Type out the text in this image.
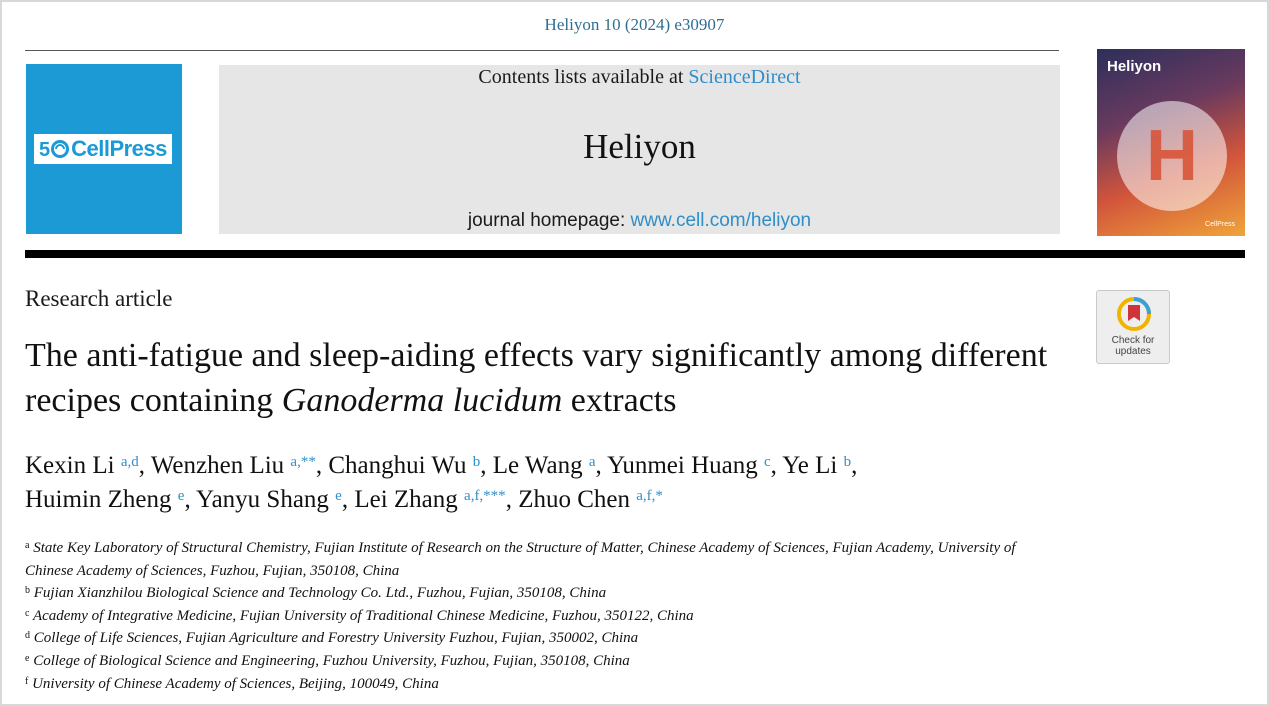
Heliyon 10 (2024) e30907
5 CellPress
Contents lists available at ScienceDirect
Heliyon
journal homepage: www.cell.com/heliyon
Heliyon
H
CellPress
Research article
Check for updates
The anti-fatigue and sleep-aiding effects vary significantly among different recipes containing Ganoderma lucidum extracts
Kexin Li $^{a,d}$, Wenzhen Liu $^{a,**}$, Changhui Wu $^b$, Le Wang $^a$, Yunmei Huang $^c$, Ye Li $^b$,
Huimin Zheng $^e$, Yanyu Shang $^e$, Lei Zhang $^{a,f,***}$, Zhuo Chen $^{a,f,*}$
$^a$ State Key Laboratory of Structural Chemistry, Fujian Institute of Research on the Structure of Matter, Chinese Academy of Sciences, Fujian Academy, University of Chinese Academy of Sciences, Fuzhou, Fujian, 350108, China
$^b$ Fujian Xianzhilou Biological Science and Technology Co. Ltd., Fuzhou, Fujian, 350108, China
$^c$ Academy of Integrative Medicine, Fujian University of Traditional Chinese Medicine, Fuzhou, 350122, China
$^d$ College of Life Sciences, Fujian Agriculture and Forestry University Fuzhou, Fujian, 350002, China
$^e$ College of Biological Science and Engineering, Fuzhou University, Fuzhou, Fujian, 350108, China
$^f$ University of Chinese Academy of Sciences, Beijing, 100049, China
